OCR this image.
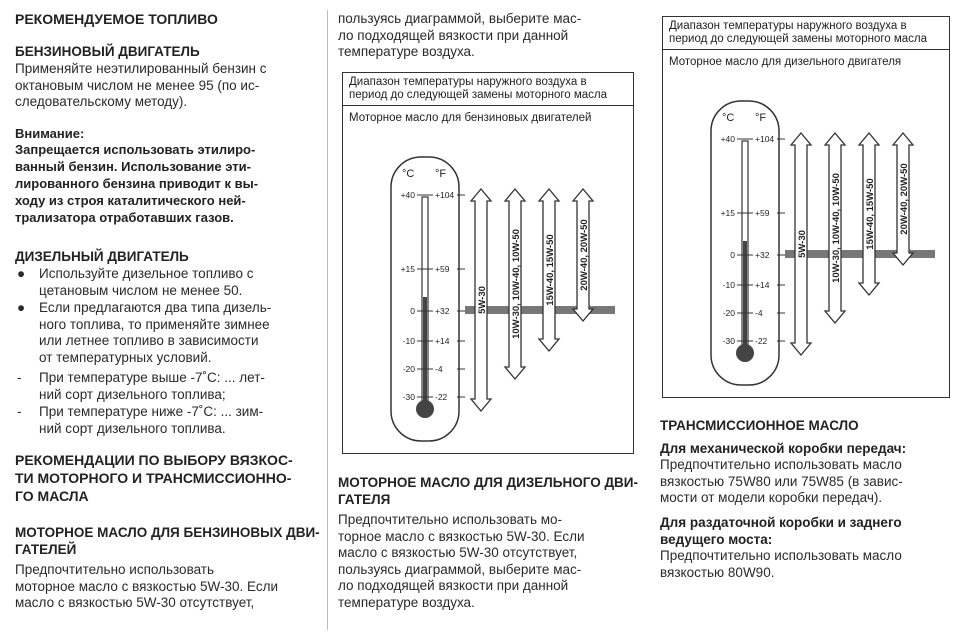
РЕКОМЕНДУЕМОЕ ТОПЛИВО
БЕНЗИНОВЫЙ ДВИГАТЕЛЬ
Применяйте неэтилированный бензин с
октановым числом не менее 95 (по ис-
следовательскому методу).
Внимание:
Запрещается использовать этилиро-
ванный бензин. Использование эти-
лированного бензина приводит к вы-
ходу из строя каталитического ней-
трализатора отработавших газов.
ДИЗЕЛЬНЫЙ ДВИГАТЕЛЬ
● Используйте дизельное топливо с
цетановым числом не менее 50.
● Если предлагаются два типа дизель-
ного топлива, то применяйте зимнее
или летнее топливо в зависимости
от температурных условий.
- При температуре выше -7˚С: ... лет-
ний сорт дизельного топлива;
- При температуре ниже -7˚С: ... зим-
ний сорт дизельного топлива.
РЕКОМЕНДАЦИИ ПО ВЫБОРУ ВЯЗКОС-
ТИ МОТОРНОГО И ТРАНСМИССИОННО-
ГО МАСЛА
МОТОРНОЕ МАСЛО ДЛЯ БЕНЗИНОВЫХ ДВИ-
ГАТЕЛЕЙ
Предпочтительно использовать
моторное масло с вязкостью 5W-30. Если
масло с вязкостью 5W-30 отсутствует,
пользуясь диаграммой, выберите мас-
ло подходящей вязкости при данной
температуре воздуха.
Диапазон температуры наружного воздуха в
период до следующей замены моторного масла
Моторное масло для бензиновых двигателей
°C °F
+40 +104
+15 +59
0 +32
-10 +14
-20 -4
-30 -22
5W-30 10W-30, 10W-40, 10W-50 15W-40, 15W-50 20W-40, 20W-50
МОТОРНОЕ МАСЛО ДЛЯ ДИЗЕЛЬНОГО ДВИ-
ГАТЕЛЯ
Предпочтительно использовать мо-
торное масло с вязкостью 5W-30. Если
масло с вязкостью 5W-30 отсутствует,
пользуясь диаграммой, выберите мас-
ло подходящей вязкости при данной
температуре воздуха.
Диапазон температуры наружного воздуха в
период до следующей замены моторного масла
Моторное масло для дизельного двигателя
°C °F
+40 +104
+15 +59
0 +32
-10 +14
-20 -4
-30 -22
5W-30 10W-30, 10W-40, 10W-50 15W-40, 15W-50 20W-40, 20W-50
ТРАНСМИССИОННОЕ МАСЛО
Для механической коробки передач:
Предпочтительно использовать масло
вязкостью 75W80 или 75W85 (в завис-
мости от модели коробки передач).
Для раздаточной коробки и заднего
ведущего моста:
Предпочтительно использовать масло
вязкостью 80W90.
